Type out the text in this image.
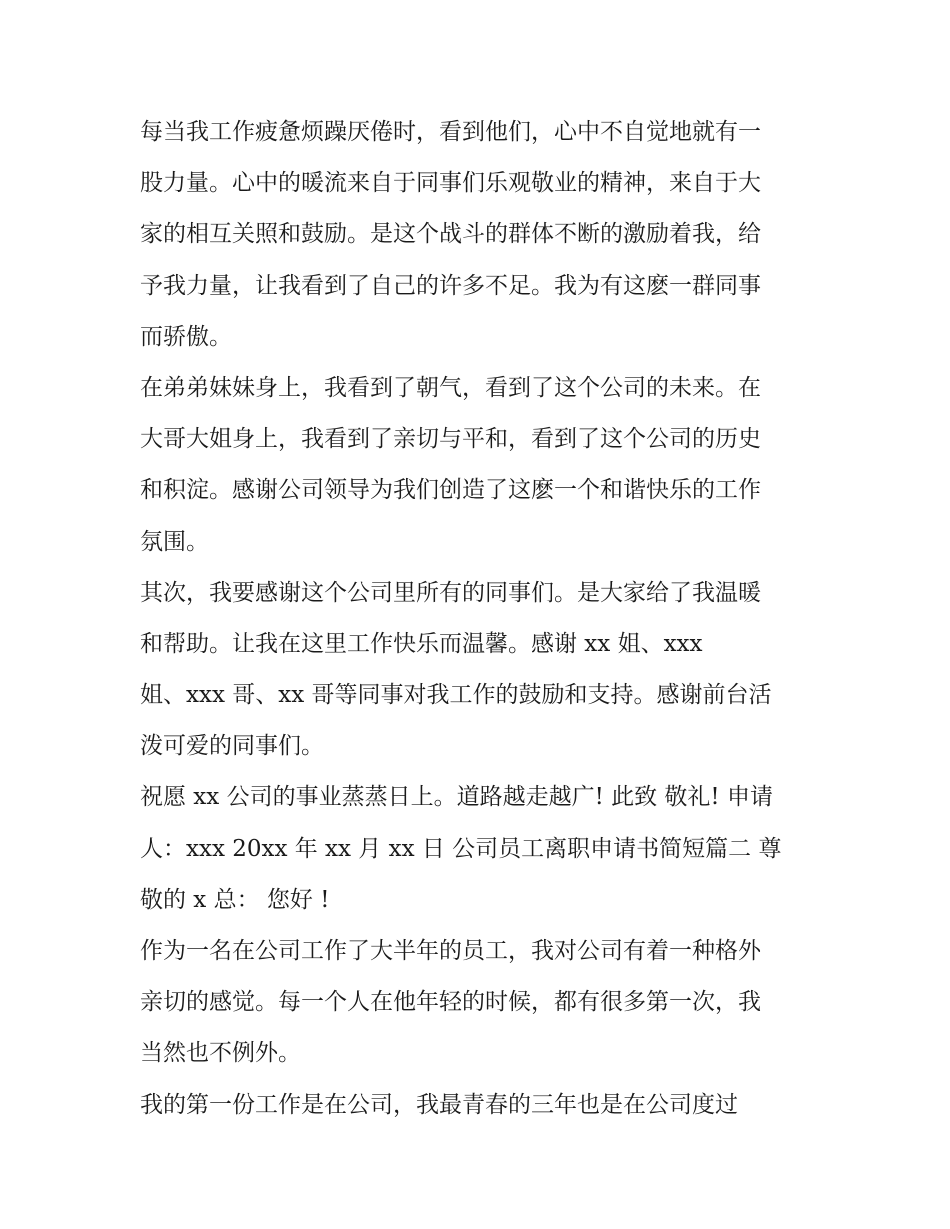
每当我工作疲惫烦躁厌倦时，看到他们，心中不自觉地就有一
股力量。心中的暖流来自于同事们乐观敬业的精神，来自于大
家的相互关照和鼓励。是这个战斗的群体不断的激励着我，给
予我力量，让我看到了自己的许多不足。我为有这麽一群同事
而骄傲。
在弟弟妹妹身上，我看到了朝气，看到了这个公司的未来。在
大哥大姐身上，我看到了亲切与平和，看到了这个公司的历史
和积淀。感谢公司领导为我们创造了这麽一个和谐快乐的工作
氛围。
其次，我要感谢这个公司里所有的同事们。是大家给了我温暖
和帮助。让我在这里工作快乐而温馨。感谢 xx 姐、xxx
姐、xxx 哥、xx 哥等同事对我工作的鼓励和支持。感谢前台活
泼可爱的同事们。
祝愿 xx 公司的事业蒸蒸日上。道路越走越广! 此致 敬礼! 申请
人：xxx 20xx 年 xx 月 xx 日 公司员工离职申请书简短篇二 尊
敬的 x 总： 您好 !
作为一名在公司工作了大半年的员工，我对公司有着一种格外
亲切的感觉。每一个人在他年轻的时候，都有很多第一次，我
当然也不例外。
我的第一份工作是在公司，我最青春的三年也是在公司度过
